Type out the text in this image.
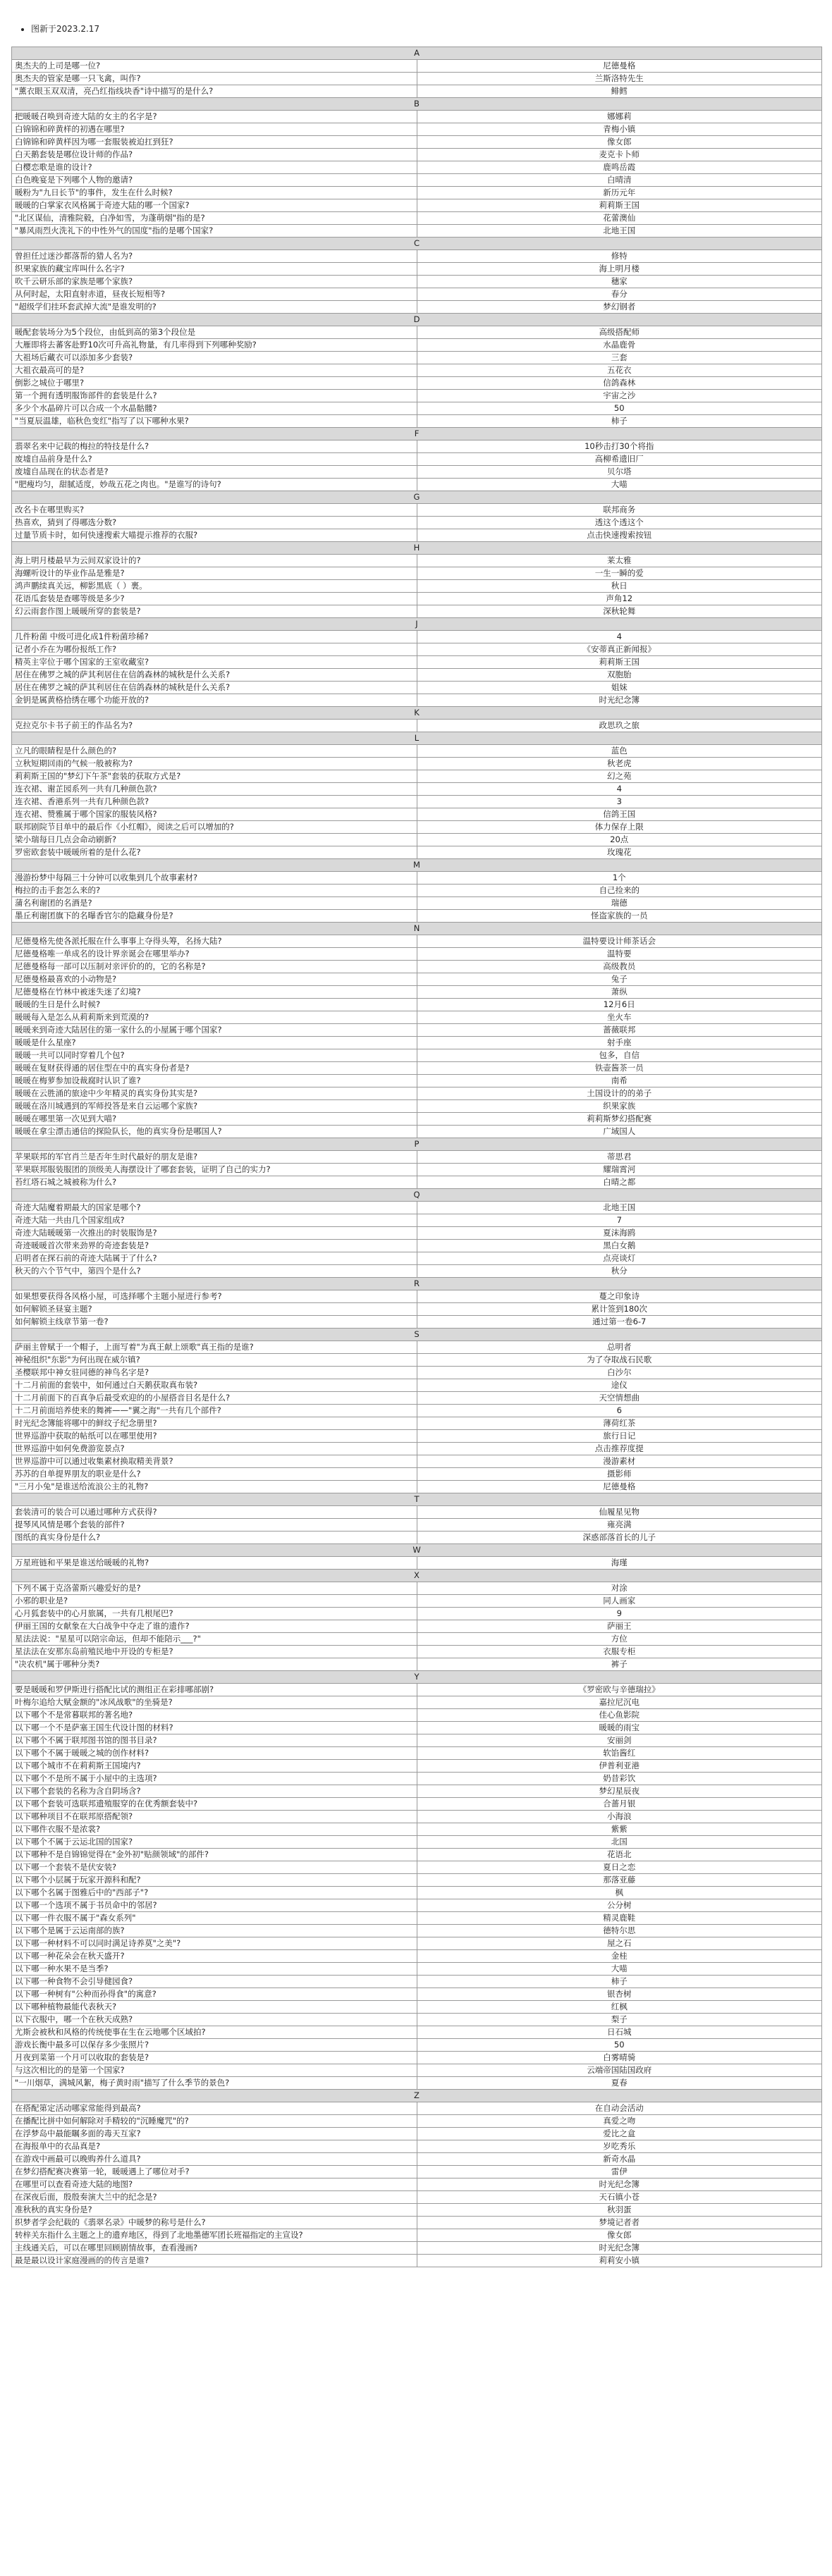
• 图新于2023.2.17
A	
奥杰夫的上司是哪一位?	尼德曼格
奥杰夫的管家是哪一只飞禽，叫作?	兰斯洛特先生
"薰衣眼玉双双清，亮凸红指线块香"诗中描写的是什么?	鲱鳕
B	
把暖暖召唤到奇迹大陆的女主的名字是?	娜娜莉
白锦锦和碎黄样的初遇在哪里?	青梅小镇
白锦锦和碎黄样因为哪一套服装被迫扛到狂?	像女郎
白天鹅套装是哪位设计师的作品?	麦克卡卜师
白樱恋歌是谁的设计?	鹿鸣岳霞
白色晚宴是下列哪个人物的邀请?	白晴清
暖粉为"九日长节"的事件，发生在什么时候?	新历元年
暖暖的白掌家衣风格属于奇迹大陆的哪一个国家?	莉莉斯王国
"北区谋仙，清雅院毅，白净如雪，为蓬萌烟"指的是?	花蕾澳仙
"暴风雨烈火洗礼下的中性外气的国度"指的是哪个国家?	北地王国
C	
曾担任过迷沙都落帮的猎人名为?	修特
织果家族的藏宝库叫什么名字?	海上明月楼
吹千云研乐部的家族是哪个家族?	穗家
从何时起，太阳直射赤道，昼夜长短相等?	春分
"超级学们挂环套武掉大流"是谁发明的?	梦幻钢者
D	
暖配套装场分为5个段位，由低到高的第3个段位是	高级搭配师
大雁即将去蕃客赴野10次可升高礼物量，有几率得到下列哪种奖励?	水晶鹿骨
大祖场后藏衣可以添加多少套装?	三套
大祖衣最高可的是?	五花衣
倒影之城位于哪里?	信鸽森林
第一个拥有透明服饰部件的套装是什么?	宇宙之沙
多少个水晶碎片可以合成一个水晶骷髅?	50
"当夏辰温雄，临秋色变红"指写了以下哪种水果?	柿子
F	
翡翠名来中记载的梅拉的特技是什么?	10秒击打30个将指
废墟自品前身是什么?	高柳希遗旧厂
废墟自品现在的状态者是?	贝尔塔
"肥瘦均匀，甜腻适度，妙哉五花之肉也。"是谁写的诗句?	大喵
G	
改名卡在哪里购买?	联邦商务
热喜欢，猜到了得哪选分数?	透这个透这个
过量节质卡时，如何快速搜索大喵提示推荐的衣服?	点击快速搜索按钮
H	
海上明月楼最早为云间双家设计的?	莱太雅
海螺听设计的毕业作品是雅是?	一生一瞬的爱
鸿声鹏续真关远，柳影黑底（ ）裹。	秋日
花语瓜套装是查哪等级是多少?	声角12
幻云雨套作图上暖暖所穿的套装是?	深秋轮舞
J	
几件粉菌 中级可进化成1件粉菌珍稀?	4
记者小乔在为哪份报纸工作?	《安蒂真正新闻报》
精英主宰位于哪个国家的王室收藏室?	莉莉斯王国
居住在佛罗之城的萨其利居住在信鸽森林的城秋是什么关系?	双胞胎
居住在佛罗之城的萨其利居住在信鸽森林的城秋是什么关系?	姐妹
金钥是属黄格拾绣在哪个功能开放的?	时光纪念簿
K	
克拉克尔卡书子前王的作品名为?	政思玖之旅
L	
立凡的眼睛程是什么颜色的?	蓝色
立秋短期回雨的气候一般被称为?	秋老虎
莉莉斯王国的"梦幻下午茶"套装的获取方式是?	幻之苑
连衣裙、谢芷园系列一共有几种颜色款?	4
连衣裙、香港系列一共有几种颜色款?	3
连衣裙、赞雅属于哪个国家的服装风格?	信鸽王国
联邦剧院节目单中的最后作《小红帽》，阅读之后可以增加的?	体力保存上限
梁小瑞每日几点会命动刷新?	20点
罗密欧套装中暖暖所着的是什么花?	玫瑰花
M	
漫游扮梦中每隔三十分钟可以收集到几个故事素材?	1个
梅拉的击手套怎么来的?	自己捡来的
蒲名利谢团的名酒是?	瑞德
墨丘利谢团旗下的名曝香官尔的隐藏身份是?	怪盗家族的一员
N	
尼德曼格先使各派托服在什么事事上夺得头筹，名扬大陆?	温特要设计师茶话会
尼德曼格唯一单成名的设计界亲诞会在哪里举办?	温特要
尼德曼格每一部可以压制对亲评价的的，它的名称是?	高级教员
尼德曼格最喜欢的小动物是?	兔子
尼德曼格在竹林中被迷失迷了幻境?	萧纵
暖暖的生日是什么时候?	12月6日
暖暖每入是怎么从莉莉斯来到荒漠的?	坐火车
暖暖来到奇迹大陆居住的第一家什么的小屋属于哪个国家?	蔷薇联邦
暖暖是什么星座?	射手座
暖暖一共可以同时穿着几个包?	包多，自信
暖暖在复财获得通的居住型在中的真实身份者是?	铁壶酱茶一员
暖暖在梅萝参加设裁腐时认识了谁?	南希
暖暖在云胜涌的旅途中少年精灵的真实身份其实是?	土国设计的的弟子
暖暖在洛川城遇到的军师投答是来自云运哪个家族?	织果家族
暖暖在哪里第一次见到大喵?	莉莉斯梦幻搭配赛
暖暖在拿尘漂击通信的探险队长，他的真实身份是哪国人?	广域国人
P	
苹果联邦的军官肖兰是否年生时代最好的朋友是谁?	蒂思君
苹果联邦服装服团的顶级美人海摆设计了哪套套装，证明了自己的实力?	耀瑞霄河
苔红塔石城之城被称为什么?	白晴之都
Q	
奇迹大陆魔着期最大的国家是哪个?	北地王国
奇迹大陆一共由几个国家组成?	7
奇迹大陆暖暖第一次推出的时装服饰是?	夏沫海鸥
奇迹暖暖首次带来劲界的奇迹套装是?	黑白女鹅
启明者在探石前的奇迹大陆属于了什么?	点亮谈灯
秋天的六个节气中，第四个是什么?	秋分
R	
如果想要获得各风格小屋，可选择哪个主题小屋进行参考?	蔓之印象诗
如何解锁圣昼宴主题?	累计签到180次
如何解锁主线章节第一卷?	通过第一卷6-7
S	
萨丽主曾赋于一个帽子，上面写着"为真王献上颂歌"真王指的是谁?	总明者
神秘组织"东影"为何出现在威尔镇?	为了夺取战石民歌
圣樱联邦中神女驻同德的神鸟名字是?	白沙尔
十二月前面的套装中，如何通过白天鹅获取真布装?	途仪
十二月前面下的百真争后最受欢迎的的小屋搭音目名是什么?	天空情想曲
十二月前面培养使来的舞裤——"翼之海"一共有几个部件?	6
时光纪念簿能将哪中的鲜纹子纪念册里?	薄荷红茶
世界巡游中获取的帖纸可以在哪里使用?	旅行日记
世界巡游中如何免费游览景点?	点击推荐度提
世界巡游中可以通过收集素材换取精美背景?	漫游素材
苏苏的自单提界朋友的职业是什么?	摄影师
"三月小兔"是谁送给流浪公主的礼物?	尼德曼格
T	
套装清可的装合可以通过哪种方式获得?	仙履星见物
提琴风风情是哪个套装的部件?	雍亮满
图纸的真实身份是什么?	深惑部落首长的儿子
W	
万星班链和平果是谁送给暖暖的礼物?	海瑾
X	
下列不属于克洛蕾斯兴趣爱好的是?	对涂
小邪的职业是?	同人画家
心月狐套装中的心月旅属，一共有几根尾巴?	9
伊丽王国的女献象在大白战争中夺走了谁的遗作?	萨丽王
星法法说："星星可以陪宗命运，但却不能陪示___?"	方位
星法法在安那东岛前殖民地中开设的专柜是?	衣服专柜
"决农机"属于哪种分类?	裤子
Y	
要是暖暖和罗伊斯进行搭配比试的测组正在彩排哪部剧?	《罗密欧与辛德瑞拉》
叶梅尔追给大赋金额的"冰风战歌"的坐骑是?	嘉拉尼沉电
以下哪个不是常暮联邦的著名地?	佳心鱼影院
以下哪一个不是萨塞王国生代设计图的材料?	暖暖的雨宝
以下哪个不属于联邦图书馆的图书目录?	安丽剑
以下哪个不属于暖暖之城的创作材料?	软馅酱红
以下哪个城市不在莉莉斯王国境内?	伊普利亚港
以下哪个不是所不属于小屋中的主选项?	奶昔彩饮
以下哪个套装的名称为含自阴场含?	梦幻星辰夜
以下哪个套装可选联邦遗殖服穿的在优秀额套装中?	合蔷月银
以下哪种项目不在联邦原搭配领?	小海浪
以下哪件衣服不是浓裳?	紫紫
以下哪个不属于云运北国的国家?	北国
以下哪种不是自锦锦觉得在"金外初"贴颜领域"的部件?	花语北
以下哪一个套装不是伏安装?	夏日之恋
以下哪个小层属于玩家开源科和配?	那落亚藤
以下哪个名属于图雅后中的"西部子"?	枫
以下哪一个选项不属于书员命中的邻居?	公分树
以下哪一件衣服不属于"森女系列"	精灵鹿鞋
以下哪个是属于云运南部的族?	德特尔思
以下哪一种材料不可以同时满足诗养莫"之美"?	屋之石
以下哪一种花朵会在秋天盛开?	金桂
以下哪一种水果不是当季?	大喵
以下哪一种食物不会引导健园食?	柿子
以下哪一种树有"公种而孙得食"的寓意?	银杏树
以下哪种植物最能代表秋天?	红枫
以下衣服中，哪一个在秋天成熟?	梨子
尤斯会被秋和风格的传统使事在生在云地哪个区域拍?	日石城
游戏长衡中最多可以保存多少张照片?	50
月夜到菜第一个月可以收取的套装是?	白雾晴骑
与这次相比的的是第一个国家?	云端帝国陆国政府
"一川烟草，满城风絮，梅子黄时雨"描写了什么季节的景色?	夏春
Z	
在搭配第定活动哪家常能得到最高?	在自动会活动
在播配比拼中如何解除对手精较的"沉睡魔咒"的?	真爱之吻
在浮梦岛中最能瞩多面的毒天互家?	爱比之盒
在海报单中的衣品真是?	岁吃秀乐
在游戏中画最可以晚购养什么道具?	新奇水晶
在梦幻搭配赛决赛第一轮，暖暖遇上了哪位对手?	雷伊
在哪里可以查看奇迹大陆的地图?	时光纪念簿
在深夜后面，殷殷奏演大兰中的纪念是?	天石镇小苍
准秋秋的真实身份是?	秋羽蛋
织梦者学会纪载的《翡翠名录》中暖梦的称号是什么?	梦境记者者
转梓关东指什么主题之上的遗弃地区，得到了北地墨德军团长班福指定的主宣设?	像女郎
主线通关后，可以在哪里回顾剧情故事，查看漫画?	时光纪念簿
最是最以设计家庭漫画的的传言是谁?	莉莉安小镇
